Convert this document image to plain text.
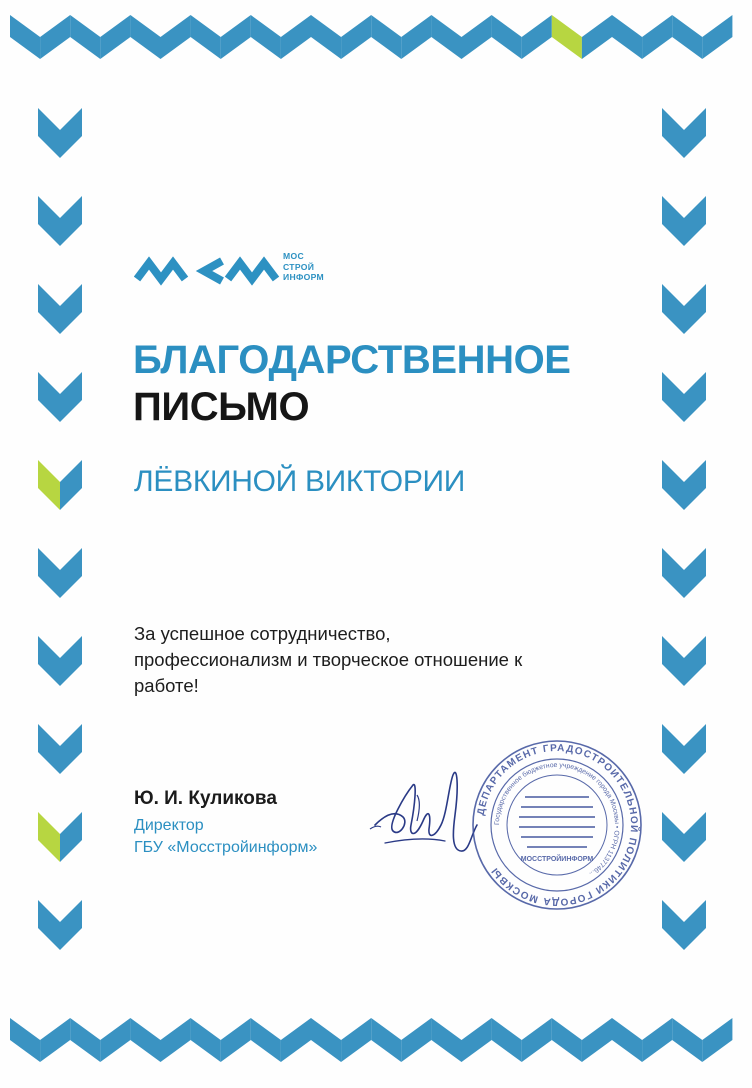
МОС
СТРОЙ
ИНФОРМ
БЛАГОДАРСТВЕННОЕ
ПИСЬМО
ЛЁВКИНОЙ ВИКТОРИИ
За успешное сотрудничество,
профессионализм и творческое отношение к
работе!
Ю. И. Куликова
Директор
ГБУ «Мосстройинформ»
ДЕПАРТАМЕНТ ГРАДОСТРОИТЕЛЬНОЙ ПОЛИТИКИ ГОРОДА МОСКВЫ
Государственное бюджетное учреждение города Москвы • ОГРН 1137746...
МОССТРОЙИНФОРМ
